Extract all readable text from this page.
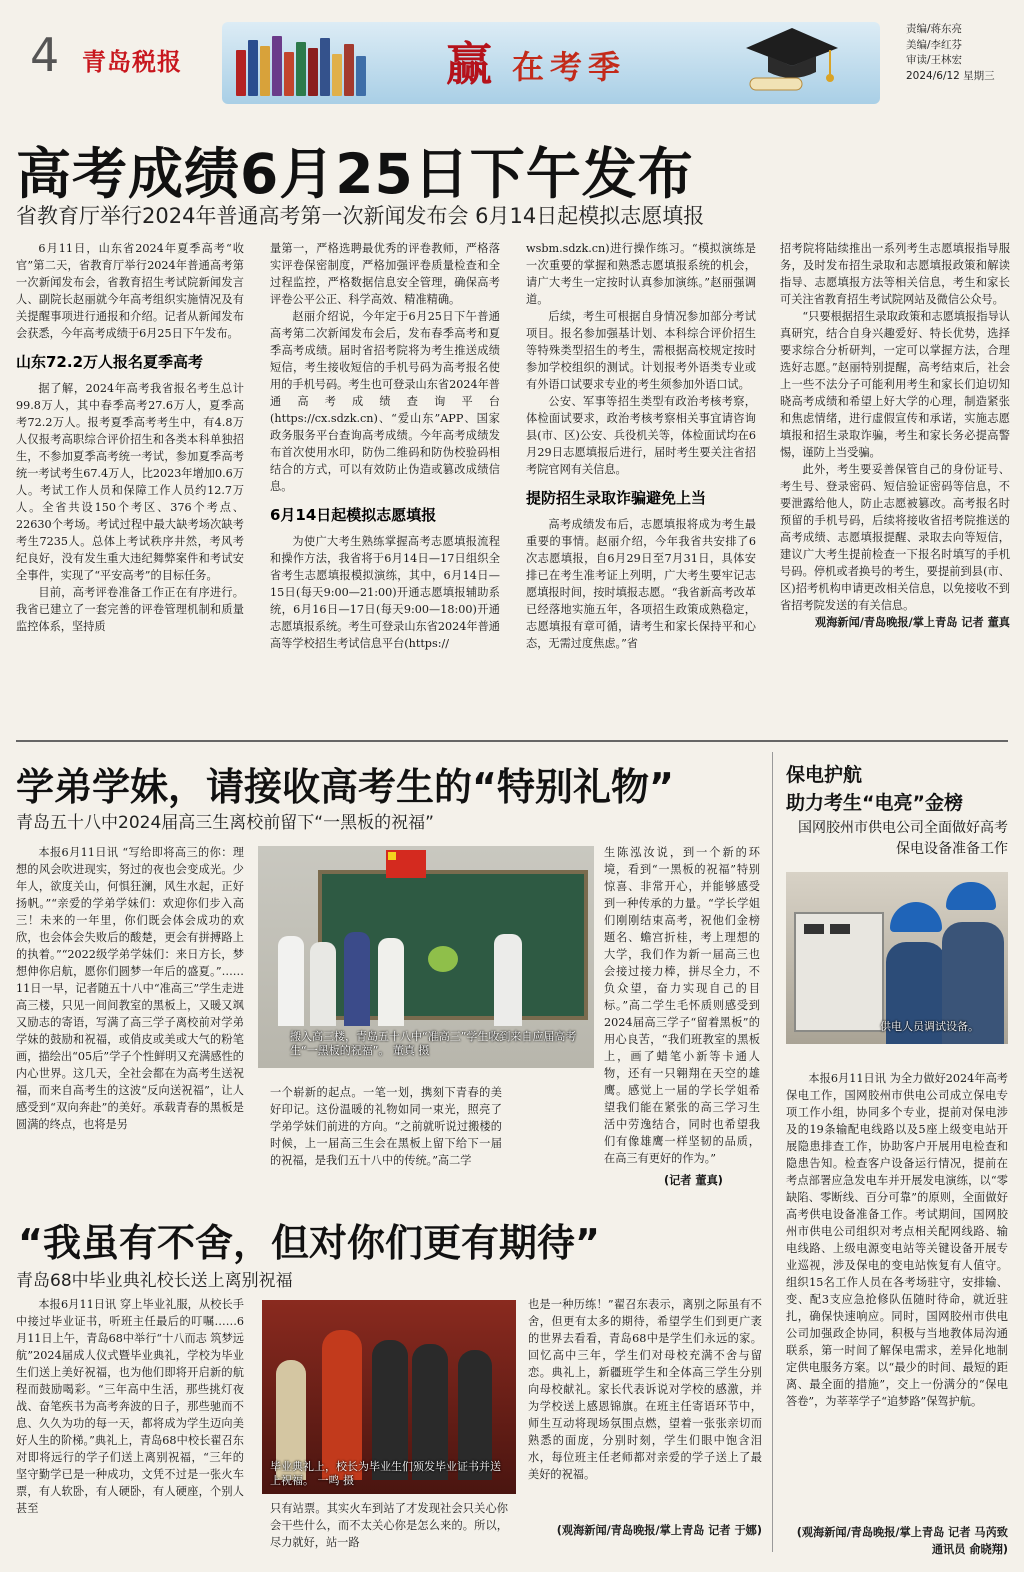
4 青岛税报	赢 在考季
责编/蒋东亮
美编/李红芬
审读/王林宏
2024/6/12 星期三
高考成绩6月25日下午发布
省教育厅举行2024年普通高考第一次新闻发布会 6月14日起模拟志愿填报

6月11日，山东省2024年夏季高考“收官”第二天，省教育厅举行2024年普通高考第一次新闻发布会，省教育招生考试院新闻发言人、副院长赵丽就今年高考组织实施情况及有关提醒事项进行通报和介绍。记者从新闻发布会获悉，今年高考成绩于6月25日下午发布。

山东72.2万人报名夏季高考

据了解，2024年高考我省报名考生总计99.8万人，其中春季高考27.6万人，夏季高考72.2万人。报考夏季高考考生中，有4.8万人仅报考高职综合评价招生和各类本科单独招生，不参加夏季高考统一考试，参加夏季高考统一考试考生67.4万人，比2023年增加0.6万人。考试工作人员和保障工作人员约12.7万人。全省共设150个考区、376个考点、22630个考场。考试过程中最大缺考场次缺考考生7235人。总体上考试秩序井然，考风考纪良好，没有发生重大违纪舞弊案件和考试安全事件，实现了“平安高考”的目标任务。

目前，高考评卷准备工作正在有序进行。我省已建立了一套完善的评卷管理机制和质量监控体系，坚持质

量第一，严格选聘最优秀的评卷教师，严格落实评卷保密制度，严格加强评卷质量检查和全过程监控，严格数据信息安全管理，确保高考评卷公平公正、科学高效、精准精确。

赵丽介绍说，今年定于6月25日下午普通高考第二次新闻发布会后，发布春季高考和夏季高考成绩。届时省招考院将为考生推送成绩短信，考生接收短信的手机号码为高考报名使用的手机号码。考生也可登录山东省2024年普通高考成绩查询平台(https://cx.sdzk.cn)、“爱山东”APP、国家政务服务平台查询高考成绩。今年高考成绩发布首次使用水印，防伪二维码和防伪校验码相结合的方式，可以有效防止伪造或篡改成绩信息。

6月14日起模拟志愿填报

为使广大考生熟练掌握高考志愿填报流程和操作方法，我省将于6月14日—17日组织全省考生志愿填报模拟演练，其中，6月14日—15日(每天9:00—21:00)开通志愿填报辅助系统，6月16日—17日(每天9:00—18:00)开通志愿填报系统。考生可登录山东省2024年普通高等学校招生考试信息平台(https://

wsbm.sdzk.cn)进行操作练习。“模拟演练是一次重要的掌握和熟悉志愿填报系统的机会，请广大考生一定按时认真参加演练。”赵丽强调道。

后续，考生可根据自身情况参加部分考试项目。报名参加强基计划、本科综合评价招生等特殊类型招生的考生，需根据高校规定按时参加学校组织的测试。计划报考外语类专业或有外语口试要求专业的考生须参加外语口试。

公安、军事等招生类型有政治考核考察，体检面试要求，政治考核考察相关事宜请咨询县(市、区)公安、兵役机关等，体检面试均在6月29日志愿填报后进行，届时考生要关注省招考院官网有关信息。

提防招生录取诈骗避免上当

高考成绩发布后，志愿填报将成为考生最重要的事情。赵丽介绍，今年我省共安排了6次志愿填报，自6月29日至7月31日，具体安排已在考生准考证上列明，广大考生要牢记志愿填报时间，按时填报志愿。“我省新高考改革已经落地实施五年，各项招生政策成熟稳定，志愿填报有章可循，请考生和家长保持平和心态，无需过度焦虑。”省

招考院将陆续推出一系列考生志愿填报指导服务，及时发布招生录取和志愿填报政策和解读指导、志愿填报方法等相关信息，考生和家长可关注省教育招生考试院网站及微信公众号。

“只要根据招生录取政策和志愿填报指导认真研究，结合自身兴趣爱好、特长优势，选择要求综合分析研判，一定可以掌握方法，合理选好志愿。”赵丽特别提醒，高考结束后，社会上一些不法分子可能利用考生和家长们迫切知晓高考成绩和希望上好大学的心理，制造紧张和焦虑情绪，进行虚假宣传和承诺，实施志愿填报和招生录取诈骗，考生和家长务必提高警惕，谨防上当受骗。

此外，考生要妥善保管自己的身份证号、考生号、登录密码、短信验证密码等信息，不要泄露给他人，防止志愿被篡改。高考报名时预留的手机号码，后续将接收省招考院推送的高考成绩、志愿填报提醒、录取去向等短信，建议广大考生提前检查一下报名时填写的手机号码。停机或者换号的考生，要提前到县(市、区)招考机构申请更改相关信息，以免接收不到省招考院发送的有关信息。

观海新闻/青岛晚报/掌上青岛 记者 董真

学弟学妹，请接收高考生的“特别礼物”
青岛五十八中2024届高三生离校前留下“一黑板的祝福”

本报6月11日讯 “写给即将高三的你：理想的风会吹进现实，努过的夜也会变成光。少年人，欲度关山，何惧狂澜，风生水起，正好扬帆。”“亲爱的学弟学妹们：欢迎你们步入高三！未来的一年里，你们既会体会成功的欢欣，也会体会失败后的酸楚，更会有拼搏路上的执着。”“2022级学弟学妹们：来日方长，梦想伸你启航，愿你们圆梦一年后的盛夏。”……11日一早，记者随五十八中“准高三”学生走进高三楼，只见一间间教室的黑板上，又暖又飒又励志的寄语，写满了高三学子离校前对学弟学妹的鼓励和祝福，或俏皮或美或大气的粉笔画，描绘出“05后”学子个性鲜明又充满感性的内心世界。这几天，全社会都在为高考生送祝福，而来自高考生的这波“反向送祝福”，让人感受到“双向奔赴”的美好。承载青春的黑板是圆满的终点，也将是另

搬入高三楼，青岛五十八中“准高三”学生收到来自应届高考生“一黑板的祝福”。 董真 摄

一个崭新的起点。一笔一划，携刻下青春的美好印记。这份温暖的礼物如同一束光，照亮了学弟学妹们前进的方向。“之前就听说过搬楼的时候，上一届高三生会在黑板上留下给下一届的祝福，是我们五十八中的传统。”高二学

生陈泓汝说，到一个新的环境，看到“一黑板的祝福”特别惊喜、非常开心，并能够感受到一种传承的力量。“学长学姐们刚刚结束高考，祝他们金榜题名、蟾宫折桂，考上理想的大学，我们作为新一届高三也会接过接力棒，拼尽全力，不负众望，奋力实现自己的目标。”高二学生毛怀质则感受到2024届高三学子“留着黑板”的用心良苦，“我们班教室的黑板上，画了蜡笔小新等卡通人物，还有一只翱翔在天空的雄鹰。感觉上一届的学长学姐希望我们能在紧张的高三学习生活中劳逸结合，同时也希望我们有像雄鹰一样坚韧的品质，在高三有更好的作为。”

(记者 董真)
“我虽有不舍，但对你们更有期待”
青岛68中毕业典礼校长送上离别祝福

本报6月11日讯 穿上毕业礼服，从校长手中接过毕业证书，听班主任最后的叮嘱……6月11日上午，青岛68中举行“十八而志 筑梦远航”2024届成人仪式暨毕业典礼，学校为毕业生们送上美好祝福，也为他们即将开启新的航程而鼓励喝彩。“三年高中生活，那些挑灯夜战、奋笔疾书为高考奔波的日子，那些驰而不息、久久为功的每一天，都将成为学生迈向美好人生的阶梯。”典礼上，青岛68中校长翟召东对即将远行的学子们送上离别祝福，“三年的坚守勤学已是一种成功，文凭不过是一张火车票，有人软卧，有人硬卧，有人硬座，个别人甚至

毕业典礼上，校长为毕业生们颁发毕业证书并送上祝福。 一鸣 摄

只有站票。其实火车到站了才发现社会只关心你会干些什么，而不太关心你是怎么来的。所以，尽力就好，站一路

也是一种历练！”翟召东表示，离别之际虽有不舍，但更有太多的期待，希望学生们到更广袤的世界去看看，青岛68中是学生们永远的家。回忆高中三年，学生们对母校充满不舍与留恋。典礼上，新疆班学生和全体高三学生分别向母校献礼。家长代表诉说对学校的感激，并为学校送上感恩锦旗。在班主任寄语环节中，师生互动将现场氛围点燃，望着一张张亲切而熟悉的面庞，分别时刻，学生们眼中饱含泪水，每位班主任老师都对亲爱的学子送上了最美好的祝福。

(观海新闻/青岛晚报/掌上青岛 记者 于娜)
保电护航
助力考生“电亮”金榜
国网胶州市供电公司全面做好高考保电设备准备工作
供电人员调试设备。

本报6月11日讯 为全力做好2024年高考保电工作，国网胶州市供电公司成立保电专项工作小组，协同多个专业，提前对保电涉及的19条输配电线路以及5座上级变电站开展隐患排查工作，协助客户开展用电检查和隐患告知。检查客户设备运行情况，提前在考点部署应急发电车并开展发电演练，以“零缺陷、零断线、百分可靠”的原则，全面做好高考供电设备准备工作。考试期间，国网胶州市供电公司组织对考点相关配网线路、输电线路、上级电源变电站等关键设备开展专业巡视，涉及保电的变电站恢复有人值守。组织15名工作人员在各考场驻守，安排输、变、配3支应急抢修队伍随时待命，就近驻扎，确保快速响应。同时，国网胶州市供电公司加强政企协同，积极与当地教体局沟通联系，第一时间了解保电需求，差异化地制定供电服务方案。以“最少的时间、最短的距离、最全面的措施”，交上一份满分的“保电答卷”，为莘莘学子“追梦路”保驾护航。

(观海新闻/青岛晚报/掌上青岛 记者 马芮致 通讯员 俞晓翔)
